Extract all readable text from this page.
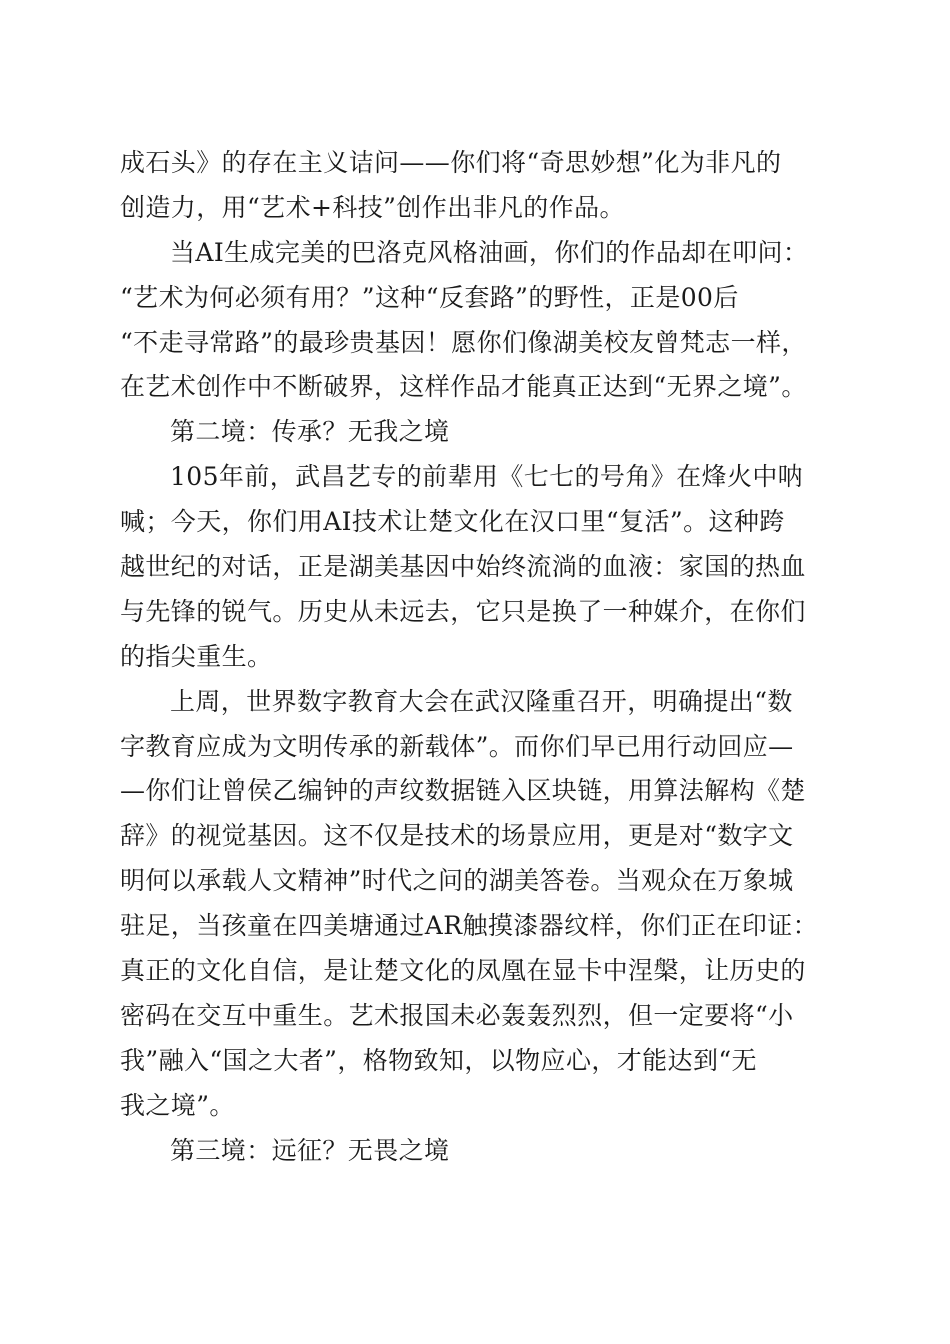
成石头》的存在主义诘问——你们将“奇思妙想”化为非凡的
创造力，用“艺术+科技”创作出非凡的作品。
当AI生成完美的巴洛克风格油画，你们的作品却在叩问：
“艺术为何必须有用？”这种“反套路”的野性，正是00后
“不走寻常路”的最珍贵基因！愿你们像湖美校友曾梵志一样，
在艺术创作中不断破界，这样作品才能真正达到“无界之境”。
第二境：传承？无我之境
105年前，武昌艺专的前辈用《七七的号角》在烽火中呐
喊；今天，你们用AI技术让楚文化在汉口里“复活”。这种跨
越世纪的对话，正是湖美基因中始终流淌的血液：家国的热血
与先锋的锐气。历史从未远去，它只是换了一种媒介，在你们
的指尖重生。
上周，世界数字教育大会在武汉隆重召开，明确提出“数
字教育应成为文明传承的新载体”。而你们早已用行动回应—
—你们让曾侯乙编钟的声纹数据链入区块链，用算法解构《楚
辞》的视觉基因。这不仅是技术的场景应用，更是对“数字文
明何以承载人文精神”时代之问的湖美答卷。当观众在万象城
驻足，当孩童在四美塘通过AR触摸漆器纹样，你们正在印证：
真正的文化自信，是让楚文化的凤凰在显卡中涅槃，让历史的
密码在交互中重生。艺术报国未必轰轰烈烈，但一定要将“小
我”融入“国之大者”，格物致知，以物应心，才能达到“无
我之境”。
第三境：远征？无畏之境
